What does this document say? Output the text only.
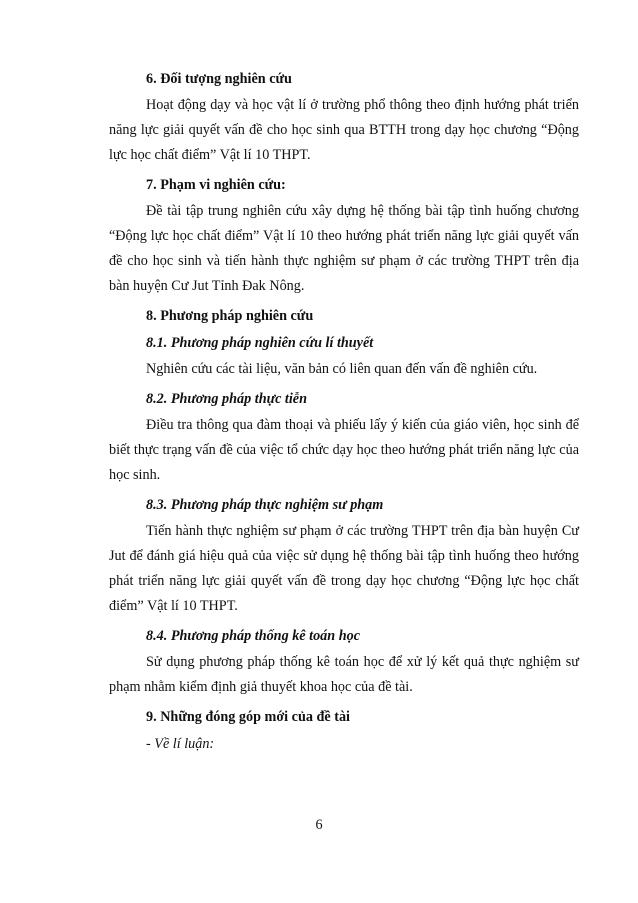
6. Đối tượng nghiên cứu

Hoạt động dạy và học vật lí ở trường phổ thông theo định hướng phát triển năng lực giải quyết vấn đề cho học sinh qua BTTH trong dạy học chương “Động lực học chất điểm” Vật lí 10 THPT.

7. Phạm vi nghiên cứu:

Đề tài tập trung nghiên cứu xây dựng hệ thống bài tập tình huống chương “Động lực học chất điểm” Vật lí 10 theo hướng phát triển năng lực giải quyết vấn đề cho học sinh và tiến hành thực nghiệm sư phạm ở các trường THPT trên địa bàn huyện Cư Jut Tỉnh Đak Nông.

8. Phương pháp nghiên cứu

8.1. Phương pháp nghiên cứu lí thuyết

Nghiên cứu các tài liệu, văn bản có liên quan đến vấn đề nghiên cứu.

8.2. Phương pháp thực tiễn

Điều tra thông qua đàm thoại và phiếu lấy ý kiến của giáo viên, học sinh để biết thực trạng vấn đề của việc tổ chức dạy học theo hướng phát triển năng lực của học sinh.

8.3. Phương pháp thực nghiệm sư phạm

Tiến hành thực nghiệm sư phạm ở các trường THPT trên địa bàn huyện Cư Jut để đánh giá hiệu quả của việc sử dụng hệ thống bài tập tình huống theo hướng phát triển năng lực giải quyết vấn đề trong dạy học chương “Động lực học chất điểm” Vật lí 10 THPT.

8.4. Phương pháp thống kê toán học

Sử dụng phương pháp thống kê toán học để xử lý kết quả thực nghiệm sư phạm nhằm kiểm định giả thuyết khoa học của đề tài.

9. Những đóng góp mới của đề tài

- Về lí luận:

6
